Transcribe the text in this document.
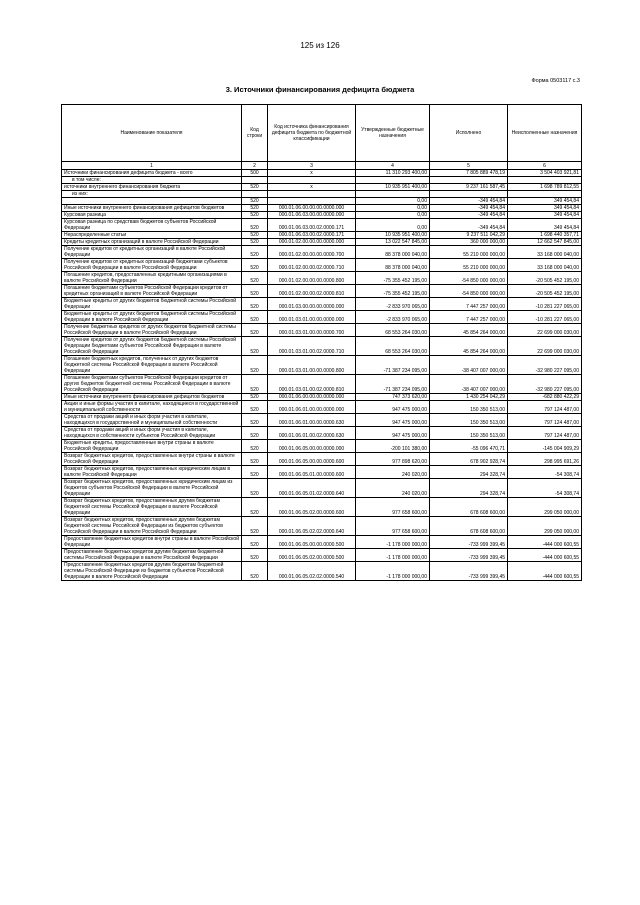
125 из 126
Форма 0503117 с.3
3. Источники финансирования дефицита бюджета
Наименование показателя	Код строки	Код источника финансирования дефицита бюджета по бюджетной классификации	Утвержденные бюджетные назначения	Исполнено	Неисполненные назначения
1	2	3	4	5	6
Источники финансирования дефицита бюджета - всего	500	x	11 310 293 400,00	7 805 889 478,19	3 504 403 921,81
в том числе:					
источники внутреннего финансирования бюджета	520	x	10 935 951 400,00	9 237 161 587,45	1 698 789 812,55
из них:					
	520		0,00	-349 454,84	349 454,84
Иные источники внутреннего финансирования дефицитов бюджетов	520	000.01.06.00.00.00.0000.000	0,00	-349 454,84	349 454,84
Курсовая разница	520	000.01.06.03.00.00.0000.000	0,00	-349 454,84	349 454,84
Курсовая разница по средствам бюджетов субъектов Российской Федерации	520	000.01.06.03.00.02.0000.171	0,00	-349 454,84	349 454,84
Нераспределенные статьи	520	000.01.06.03.00.02.0000.171	10 935 951 400,00	9 237 511 042,29	1 698 440 357,71
Кредиты кредитных организаций в валюте Российской Федерации	520	000.01.02.00.00.00.0000.000	13 022 547 845,00	360 000 000,00	12 662 547 845,00
Получение кредитов от кредитных организаций в валюте Российской Федерации	520	000.01.02.00.00.00.0000.700	88 378 000 040,00	55 210 000 000,00	33 168 000 040,00
Получение кредитов от кредитных организаций бюджетами субъектов Российской Федерации в валюте Российской Федерации	520	000.01.02.00.00.02.0000.710	88 378 000 040,00	55 210 000 000,00	33 168 000 040,00
Погашение кредитов, предоставленных кредитными организациями в валюте Российской Федерации	520	000.01.02.00.00.00.0000.800	-75 355 452 195,00	-54 850 000 000,00	-20 505 452 195,00
Погашение бюджетами субъектов Российской Федерации кредитов от кредитных организаций в валюте Российской Федерации	520	000.01.02.00.00.02.0000.810	-75 355 452 195,00	-54 850 000 000,00	-20 505 452 195,00
Бюджетные кредиты от других бюджетов бюджетной системы Российской Федерации	520	000.01.03.00.00.00.0000.000	-2 833 970 065,00	7 447 257 000,00	-10 281 227 065,00
Бюджетные кредиты от других бюджетов бюджетной системы Российской Федерации в валюте Российской Федерации	520	000.01.03.01.00.00.0000.000	-2 833 970 065,00	7 447 257 000,00	-10 281 227 065,00
Получение бюджетных кредитов от других бюджетов бюджетной системы Российской Федерации в валюте Российской Федерации	520	000.01.03.01.00.00.0000.700	68 553 264 030,00	45 854 264 000,00	22 699 000 030,00
Получение кредитов от других бюджетов бюджетной системы Российской Федерации бюджетами субъектов Российской Федерации в валюте Российской Федерации	520	000.01.03.01.00.02.0000.710	68 553 264 030,00	45 854 264 000,00	22 699 000 030,00
Погашение бюджетных кредитов, полученных от других бюджетов бюджетной системы Российской Федерации в валюте Российской Федерации	520	000.01.03.01.00.00.0000.800	-71 387 234 095,00	-38 407 007 000,00	-32 980 227 095,00
Погашение бюджетами субъектов Российской Федерации кредитов от других бюджетов бюджетной системы Российской Федерации в валюте Российской Федерации	520	000.01.03.01.00.02.0000.810	-71 387 234 095,00	-38 407 007 000,00	-32 980 227 095,00
Иные источники внутреннего финансирования дефицитов бюджетов	520	000.01.06.00.00.00.0000.000	747 373 620,00	1 430 254 042,29	-682 880 422,29
Акции и иные формы участия в капитале, находящиеся в государственной и муниципальной собственности	520	000.01.06.01.00.00.0000.000	947 475 000,00	150 350 513,00	797 124 487,00
Средства от продажи акций и иных форм участия в капитале, находящихся в государственной и муниципальной собственности	520	000.01.06.01.00.00.0000.630	947 475 000,00	150 350 513,00	797 124 487,00
Средства от продажи акций и иных форм участия в капитале, находящихся в собственности субъектов Российской Федерации	520	000.01.06.01.00.02.0000.630	947 475 000,00	150 350 513,00	797 124 487,00
Бюджетные кредиты, предоставленные внутри страны в валюте Российской Федерации	520	000.01.06.05.00.00.0000.000	-200 101 380,00	-55 096 470,71	-145 004 909,29
Возврат бюджетных кредитов, предоставленных внутри страны в валюте Российской Федерации	520	000.01.06.05.00.00.0000.600	977 898 620,00	678 902 928,74	298 995 691,26
Возврат бюджетных кредитов, предоставленных юридическим лицам в валюте Российской Федерации	520	000.01.06.05.01.00.0000.600	240 020,00	294 328,74	-54 308,74
Возврат бюджетных кредитов, предоставленных юридическим лицам из бюджетов субъектов Российской Федерации в валюте Российской Федерации	520	000.01.06.05.01.02.0000.640	240 020,00	294 328,74	-54 308,74
Возврат бюджетных кредитов, предоставленных другим бюджетам бюджетной системы Российской Федерации в валюте Российской Федерации	520	000.01.06.05.02.00.0000.600	977 658 600,00	678 608 600,00	299 050 000,00
Возврат бюджетных кредитов, предоставленных другим бюджетам бюджетной системы Российской Федерации из бюджетов субъектов Российской Федерации в валюте Российской Федерации	520	000.01.06.05.02.02.0000.640	977 658 600,00	678 608 600,00	299 050 000,00
Предоставление бюджетных кредитов внутри страны в валюте Российской Федерации	520	000.01.06.05.00.00.0000.500	-1 178 000 000,00	-733 999 399,45	-444 000 600,55
Предоставление бюджетных кредитов другим бюджетам бюджетной системы Российской Федерации в валюте Российской Федерации	520	000.01.06.05.02.00.0000.500	-1 178 000 000,00	-733 999 399,45	-444 000 600,55
Предоставление бюджетных кредитов другим бюджетам бюджетной системы Российской Федерации из бюджетов субъектов Российской Федерации в валюте Российской Федерации	520	000.01.06.05.02.02.0000.540	-1 178 000 000,00	-733 999 399,45	-444 000 600,55
